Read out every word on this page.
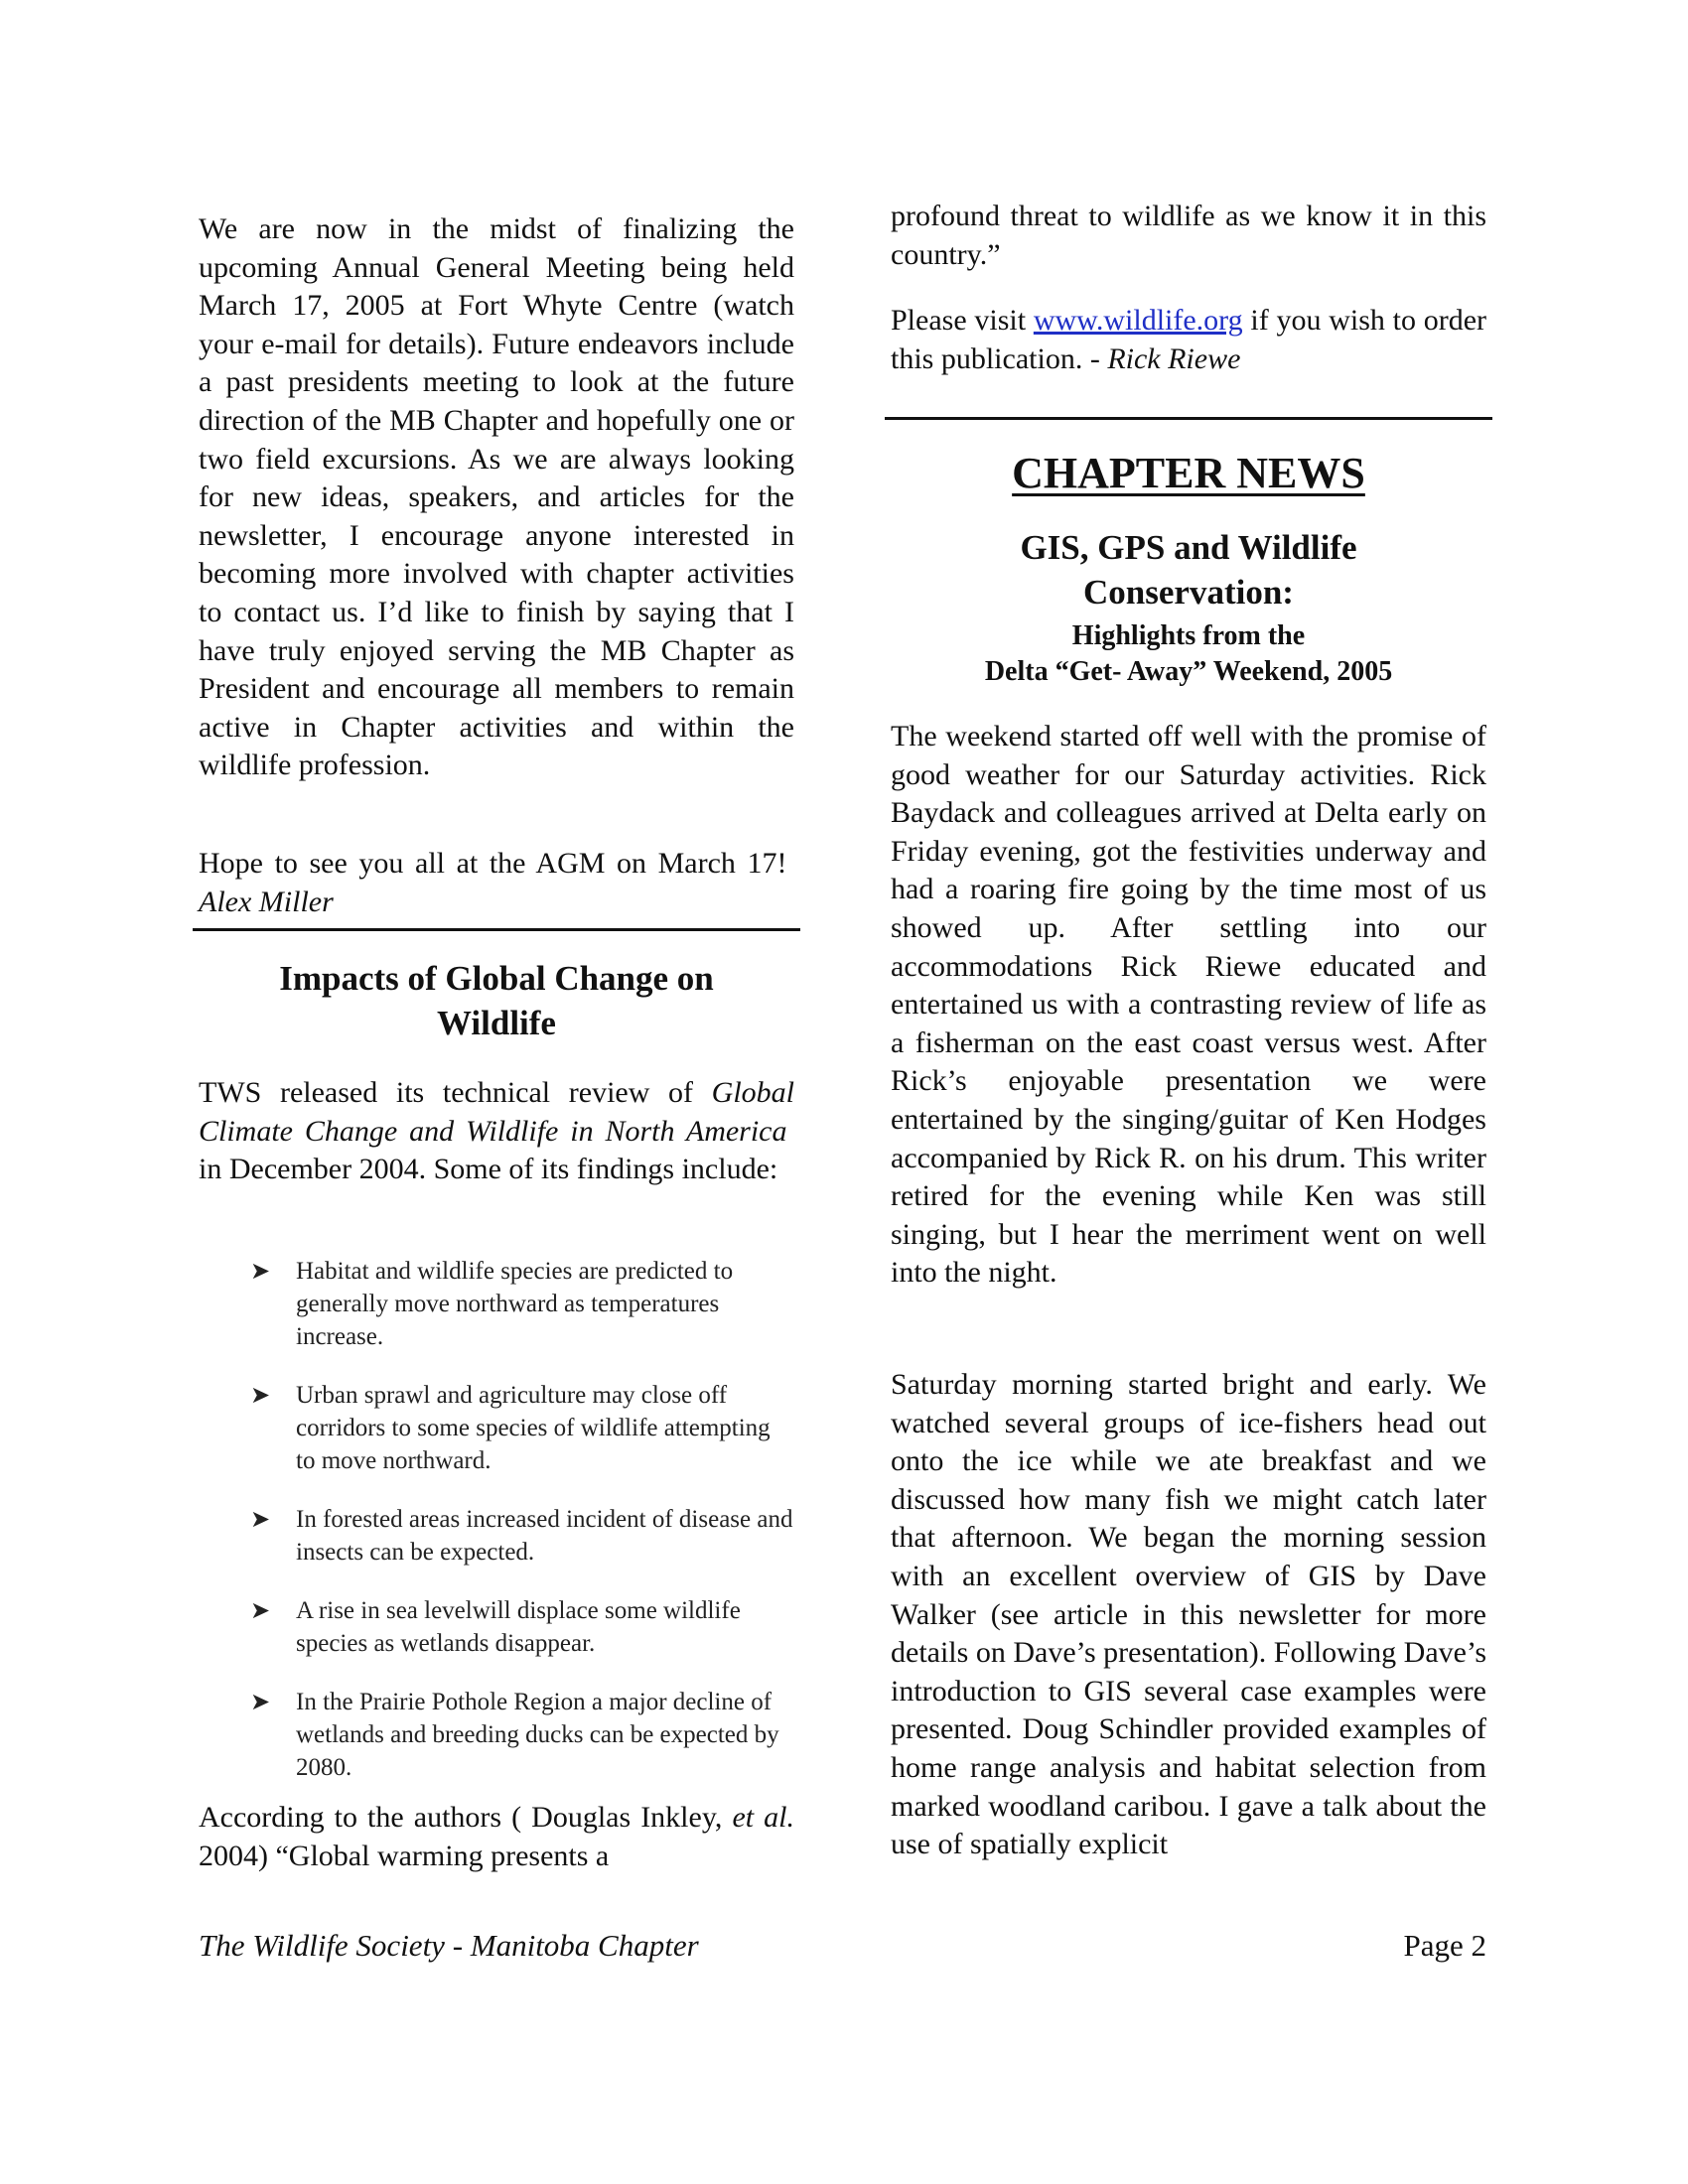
We are now in the midst of finalizing the upcoming Annual General Meeting being held March 17, 2005 at Fort Whyte Centre (watch your e-mail for details). Future endeavors include a past presidents meeting to look at the future direction of the MB Chapter and hopefully one or two field excursions. As we are always looking for new ideas, speakers, and articles for the newsletter, I encourage anyone interested in becoming more involved with chapter activities to contact us. I’d like to finish by saying that I have truly enjoyed serving the MB Chapter as President and encourage all members to remain active in Chapter activities and within the wildlife profession.

Hope to see you all at the AGM on March 17!  Alex Miller

Impacts of Global Change on
Wildlife

TWS released its technical review of Global Climate Change and Wildlife in North America  in December 2004. Some of its findings include:

➤ Habitat and wildlife species are predicted to generally move northward as temperatures increase.
➤ Urban sprawl and agriculture may close off corridors to some species of wildlife attempting to move northward.
➤ In forested areas increased incident of disease and insects can be expected.
➤ A rise in sea levelwill displace some wildlife species as wetlands disappear.
➤ In the Prairie Pothole Region a major decline of wetlands and breeding ducks can be expected by 2080.

According to the authors ( Douglas Inkley, et al. 2004) “Global warming presents a

The Wildlife Society - Manitoba Chapter

profound threat to wildlife as we know it in this country.”

Please visit www.wildlife.org if you wish to order this publication. - Rick Riewe

CHAPTER NEWS
GIS, GPS and Wildlife
Conservation:
Highlights from the
Delta “Get- Away” Weekend, 2005

The weekend started off well with the promise of good weather for our Saturday activities. Rick Baydack and colleagues arrived at Delta early on Friday evening, got the festivities underway and had a roaring fire going by the time most of us showed up. After settling into our accommodations Rick Riewe educated and entertained us with a contrasting review of life as a fisherman on the east coast versus west. After Rick’s enjoyable presentation we were entertained by the singing/guitar of Ken Hodges accompanied by Rick R. on his drum. This writer retired for the evening while Ken was still singing, but I hear the merriment went on well into the night.

Saturday morning started bright and early. We watched several groups of ice-fishers head out onto the ice while we ate breakfast and we discussed how many fish we might catch later that afternoon. We began the morning session with an excellent overview of GIS by Dave Walker (see article in this newsletter for more details on Dave’s presentation). Following Dave’s introduction to GIS several case examples were presented. Doug Schindler provided examples of home range analysis and habitat selection from marked woodland caribou. I gave a talk about the use of spatially explicit

Page 2
